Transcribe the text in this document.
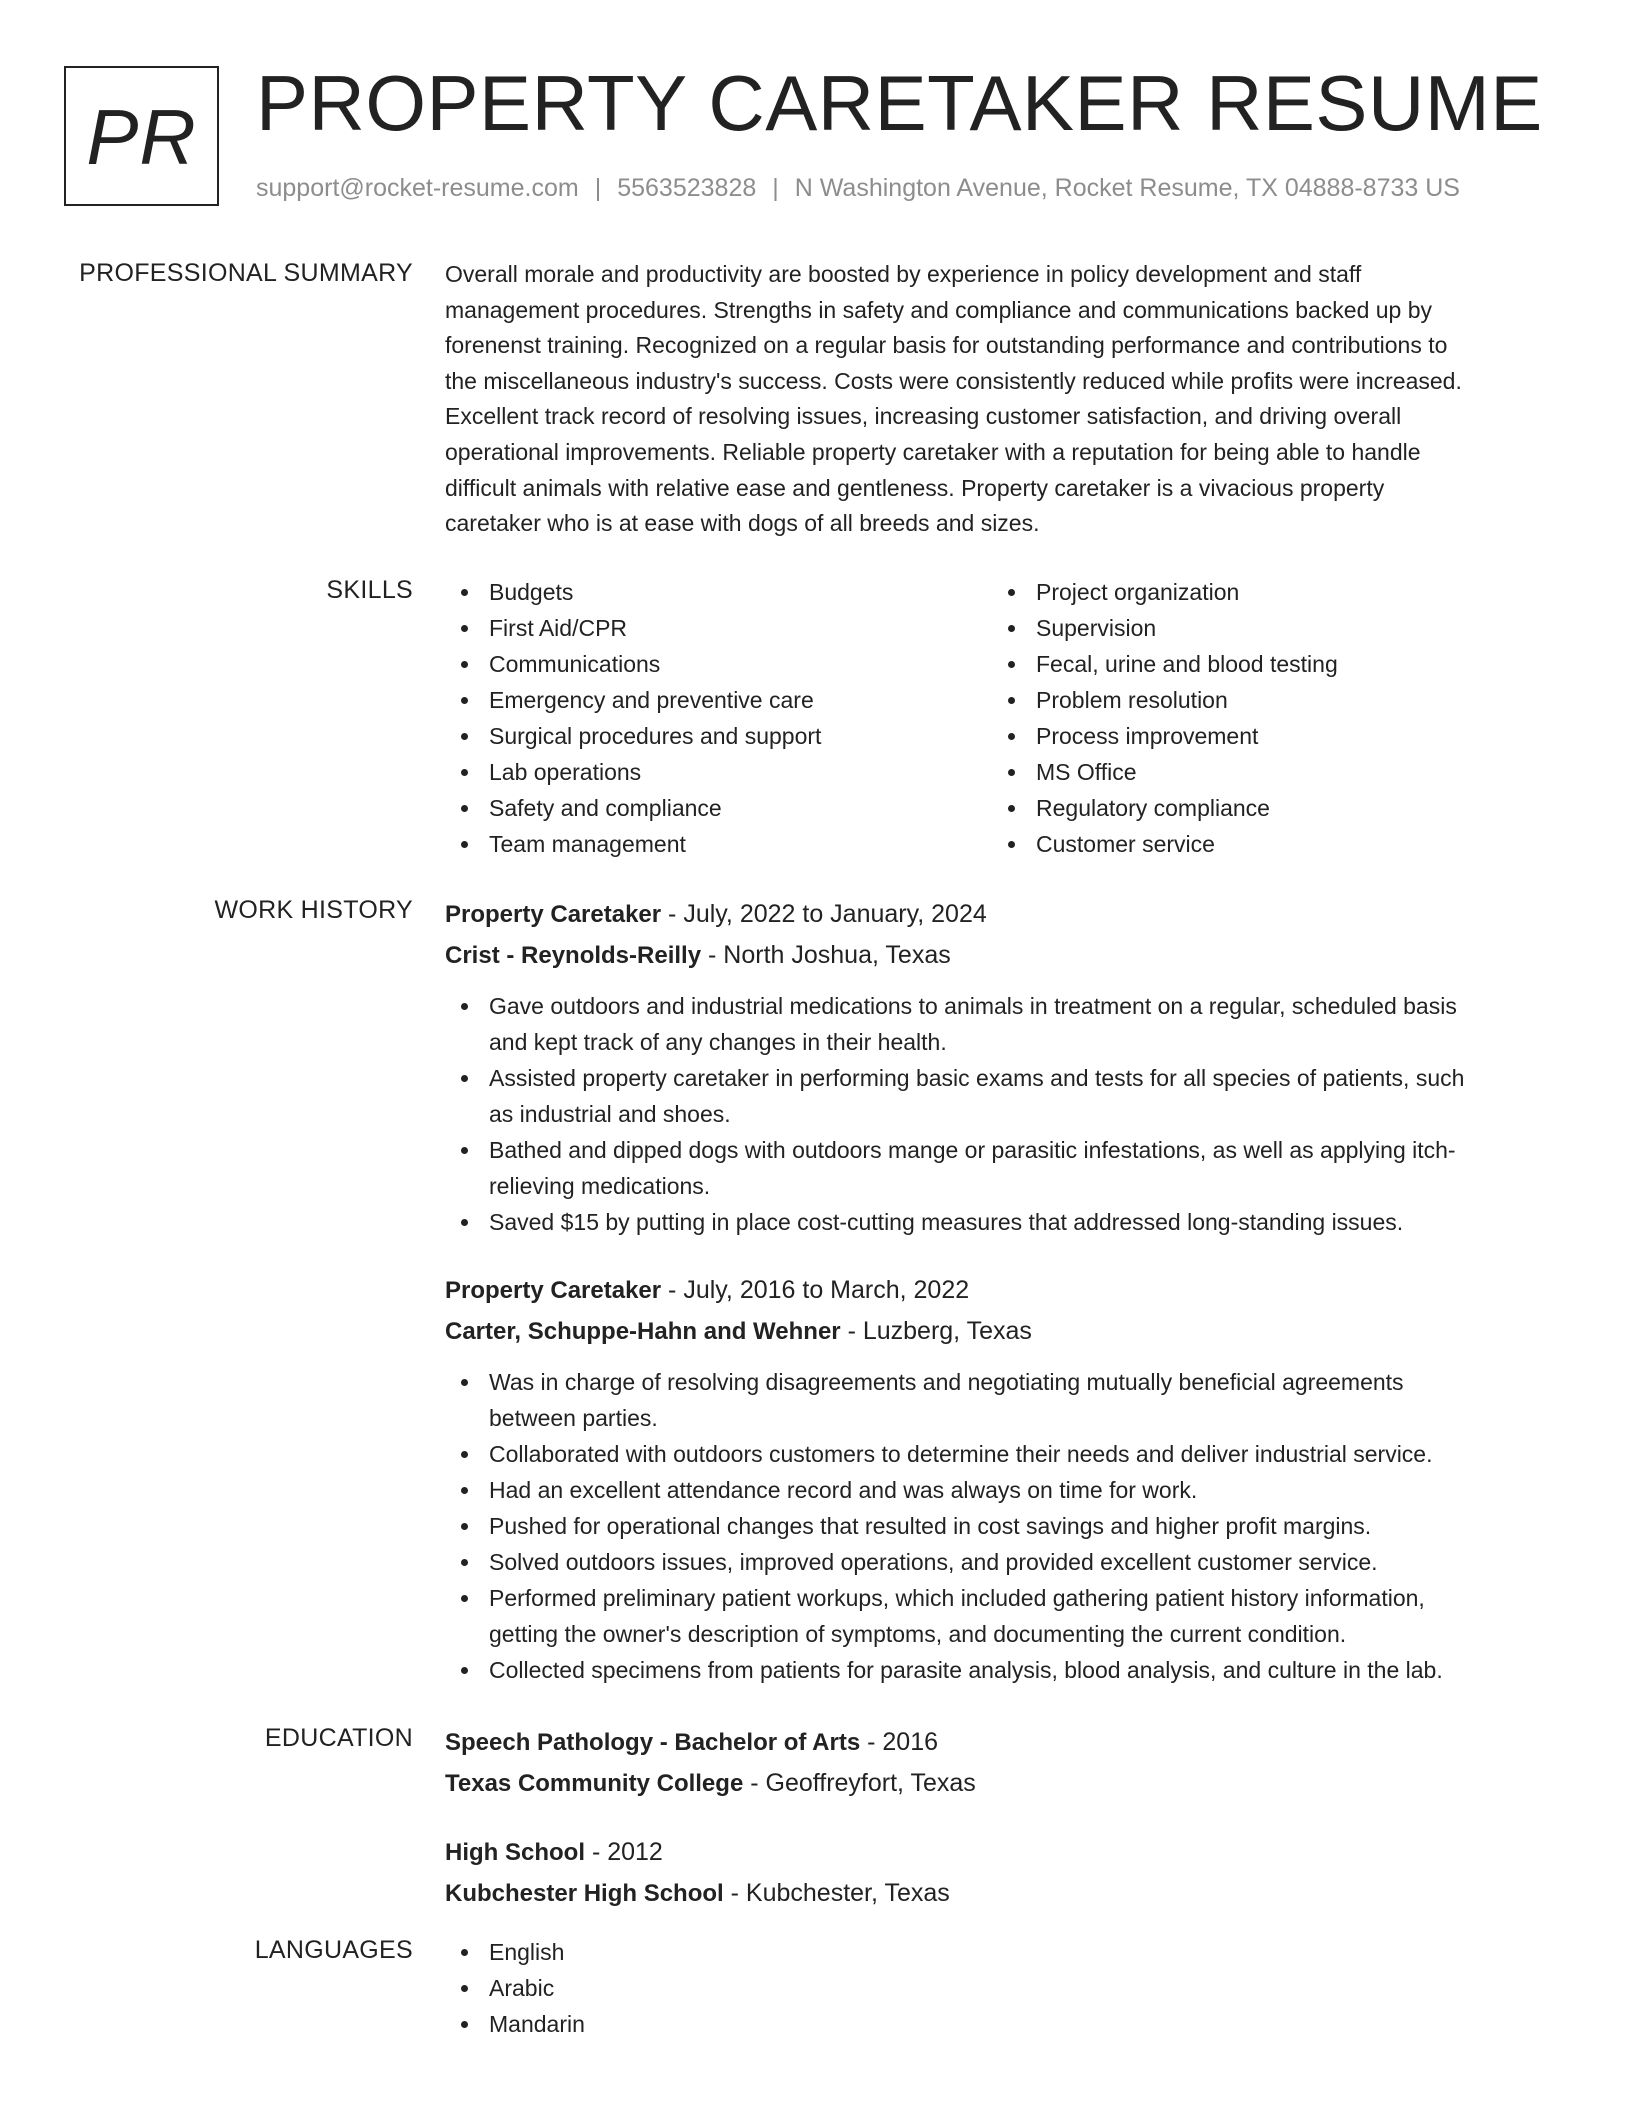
PR PROPERTY CARETAKER RESUME
support@rocket-resume.com | 5563523828 | N Washington Avenue, Rocket Resume, TX 04888-8733 US
PROFESSIONAL SUMMARY Overall morale and productivity are boosted by experience in policy development and staff
management procedures. Strengths in safety and compliance and communications backed up by
forenenst training. Recognized on a regular basis for outstanding performance and contributions to
the miscellaneous industry's success. Costs were consistently reduced while profits were increased.
Excellent track record of resolving issues, increasing customer satisfaction, and driving overall
operational improvements. Reliable property caretaker with a reputation for being able to handle
difficult animals with relative ease and gentleness. Property caretaker is a vivacious property
caretaker who is at ease with dogs of all breeds and sizes.
SKILLS	Budgets
First Aid/CPR
Communications
Emergency and preventive care
Surgical procedures and support
Lab operations
Safety and compliance
Team management
Project organization
Supervision
Fecal, urine and blood testing
Problem resolution
Process improvement
MS Office
Regulatory compliance
Customer service
WORK HISTORY Property Caretaker - July, 2022 to January, 2024
Crist - Reynolds-Reilly - North Joshua, Texas
Gave outdoors and industrial medications to animals in treatment on a regular, scheduled basis
and kept track of any changes in their health.
Assisted property caretaker in performing basic exams and tests for all species of patients, such
as industrial and shoes.
Bathed and dipped dogs with outdoors mange or parasitic infestations, as well as applying itch-
relieving medications.
Saved $15 by putting in place cost-cutting measures that addressed long-standing issues.
Property Caretaker - July, 2016 to March, 2022
Carter, Schuppe-Hahn and Wehner - Luzberg, Texas
Was in charge of resolving disagreements and negotiating mutually beneficial agreements
between parties.
Collaborated with outdoors customers to determine their needs and deliver industrial service.
Had an excellent attendance record and was always on time for work.
Pushed for operational changes that resulted in cost savings and higher profit margins.
Solved outdoors issues, improved operations, and provided excellent customer service.
Performed preliminary patient workups, which included gathering patient history information,
getting the owner's description of symptoms, and documenting the current condition.
Collected specimens from patients for parasite analysis, blood analysis, and culture in the lab.
EDUCATION Speech Pathology - Bachelor of Arts - 2016
Texas Community College - Geoffreyfort, Texas
High School - 2012
Kubchester High School - Kubchester, Texas
LANGUAGES	English
Arabic
Mandarin
